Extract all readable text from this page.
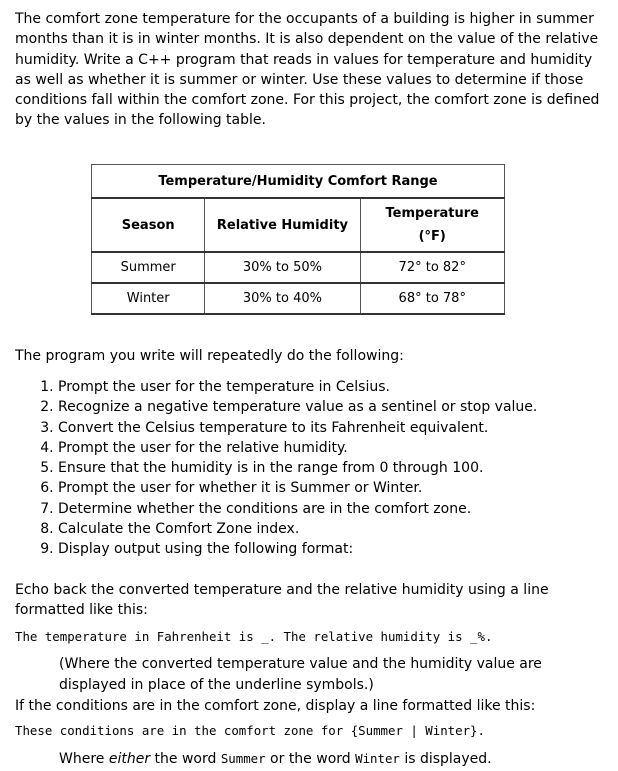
The comfort zone temperature for the occupants of a building is higher in summer months than it is in winter months. It is also dependent on the value of the relative humidity. Write a C++ program that reads in values for temperature and humidity as well as whether it is summer or winter. Use these values to determine if those conditions fall within the comfort zone. For this project, the comfort zone is defined by the values in the following table.

Temperature/Humidity Comfort Range		
Season	Relative Humidity	Temperature
(°F)
Summer	30% to 50%	72° to 82°
Winter	30% to 40%	68° to 78°

The program you write will repeatedly do the following:

1. Prompt the user for the temperature in Celsius.
2. Recognize a negative temperature value as a sentinel or stop value.
3. Convert the Celsius temperature to its Fahrenheit equivalent.
4. Prompt the user for the relative humidity.
5. Ensure that the humidity is in the range from 0 through 100.
6. Prompt the user for whether it is Summer or Winter.
7. Determine whether the conditions are in the comfort zone.
8. Calculate the Comfort Zone index.
9. Display output using the following format:

Echo back the converted temperature and the relative humidity using a line formatted like this:

The temperature in Fahrenheit is _. The relative humidity is _%.

(Where the converted temperature value and the humidity value are displayed in place of the underline symbols.)

If the conditions are in the comfort zone, display a line formatted like this:

These conditions are in the comfort zone for {Summer | Winter}.

Where either the word Summer or the word Winter is displayed.
